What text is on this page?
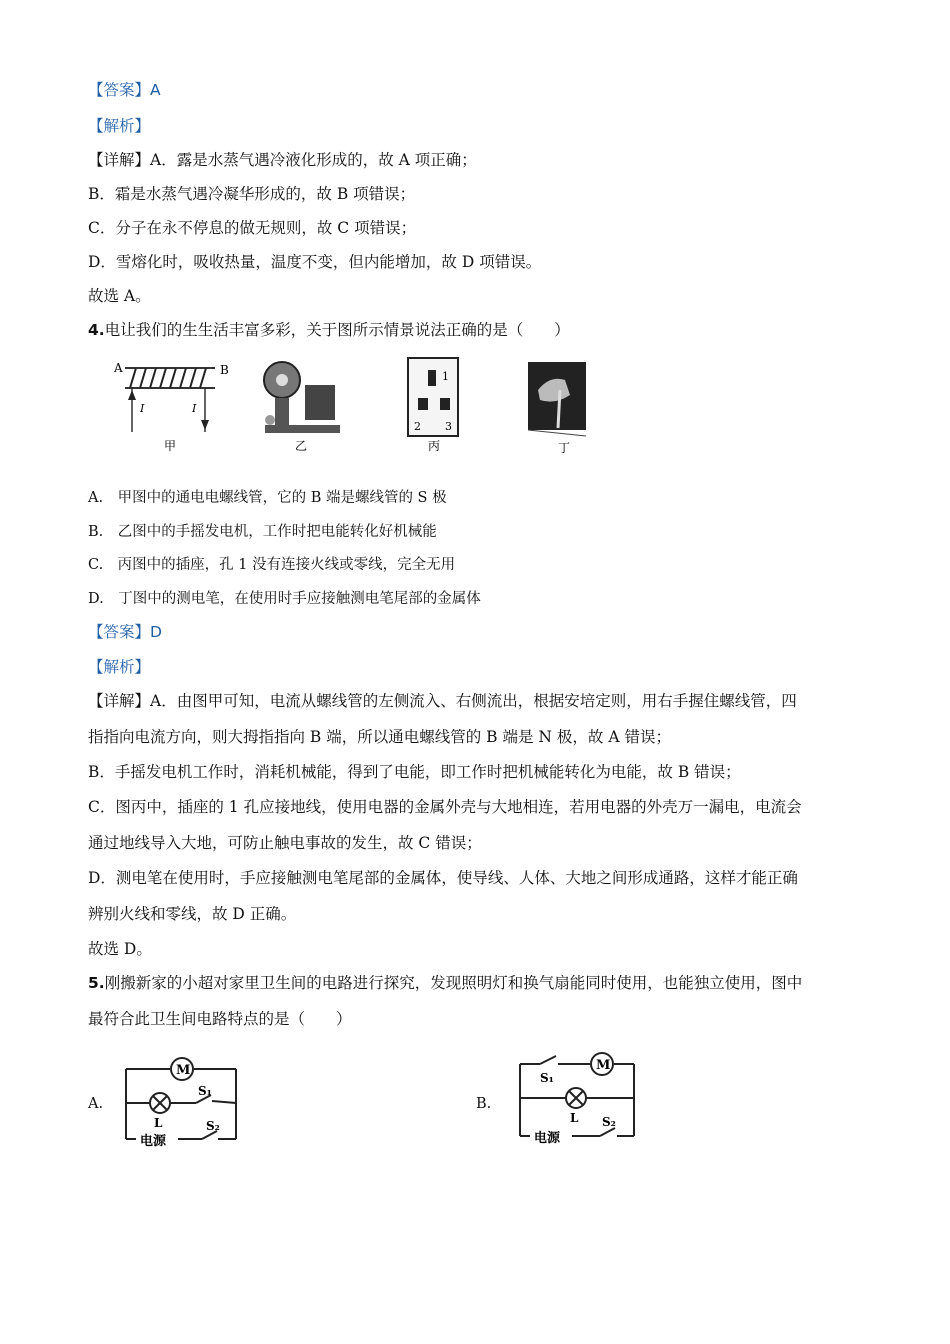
【答案】A
【解析】
【详解】A．露是水蒸气遇冷液化形成的，故 A 项正确；
B．霜是水蒸气遇冷凝华形成的，故 B 项错误；
C．分子在永不停息的做无规则，故 C 项错误；
D．雪熔化时，吸收热量，温度不变，但内能增加，故 D 项错误。
故选 A。
4.电让我们的生生活丰富多彩，关于图所示情景说法正确的是（　　）
A	B
I	I
甲	乙
1
2 3
丙	丁
A.　甲图中的通电电螺线管，它的 B 端是螺线管的 S 极
B.　乙图中的手摇发电机，工作时把电能转化好机械能
C.　丙图中的插座，孔 1 没有连接火线或零线，完全无用
D.　丁图中的测电笔，在使用时手应接触测电笔尾部的金属体
【答案】D
【解析】
【详解】A．由图甲可知，电流从螺线管的左侧流入、右侧流出，根据安培定则，用右手握住螺线管，四
指指向电流方向，则大拇指指向 B 端，所以通电螺线管的 B 端是 N 极，故 A 错误；
B．手摇发电机工作时，消耗机械能，得到了电能，即工作时把机械能转化为电能，故 B 错误；
C．图丙中，插座的 1 孔应接地线，使用电器的金属外壳与大地相连，若用电器的外壳万一漏电，电流会
通过地线导入大地，可防止触电事故的发生，故 C 错误；
D．测电笔在使用时，手应接触测电笔尾部的金属体，使导线、人体、大地之间形成通路，这样才能正确
辨别火线和零线，故 D 正确。
故选 D。
5.刚搬新家的小超对家里卫生间的电路进行探究，发现照明灯和换气扇能同时使用，也能独立使用，图中
最符合此卫生间电路特点的是（　　）
A.
M
L
S₁
S₂
电源
B.
M
L
S₁
S₂
电源
